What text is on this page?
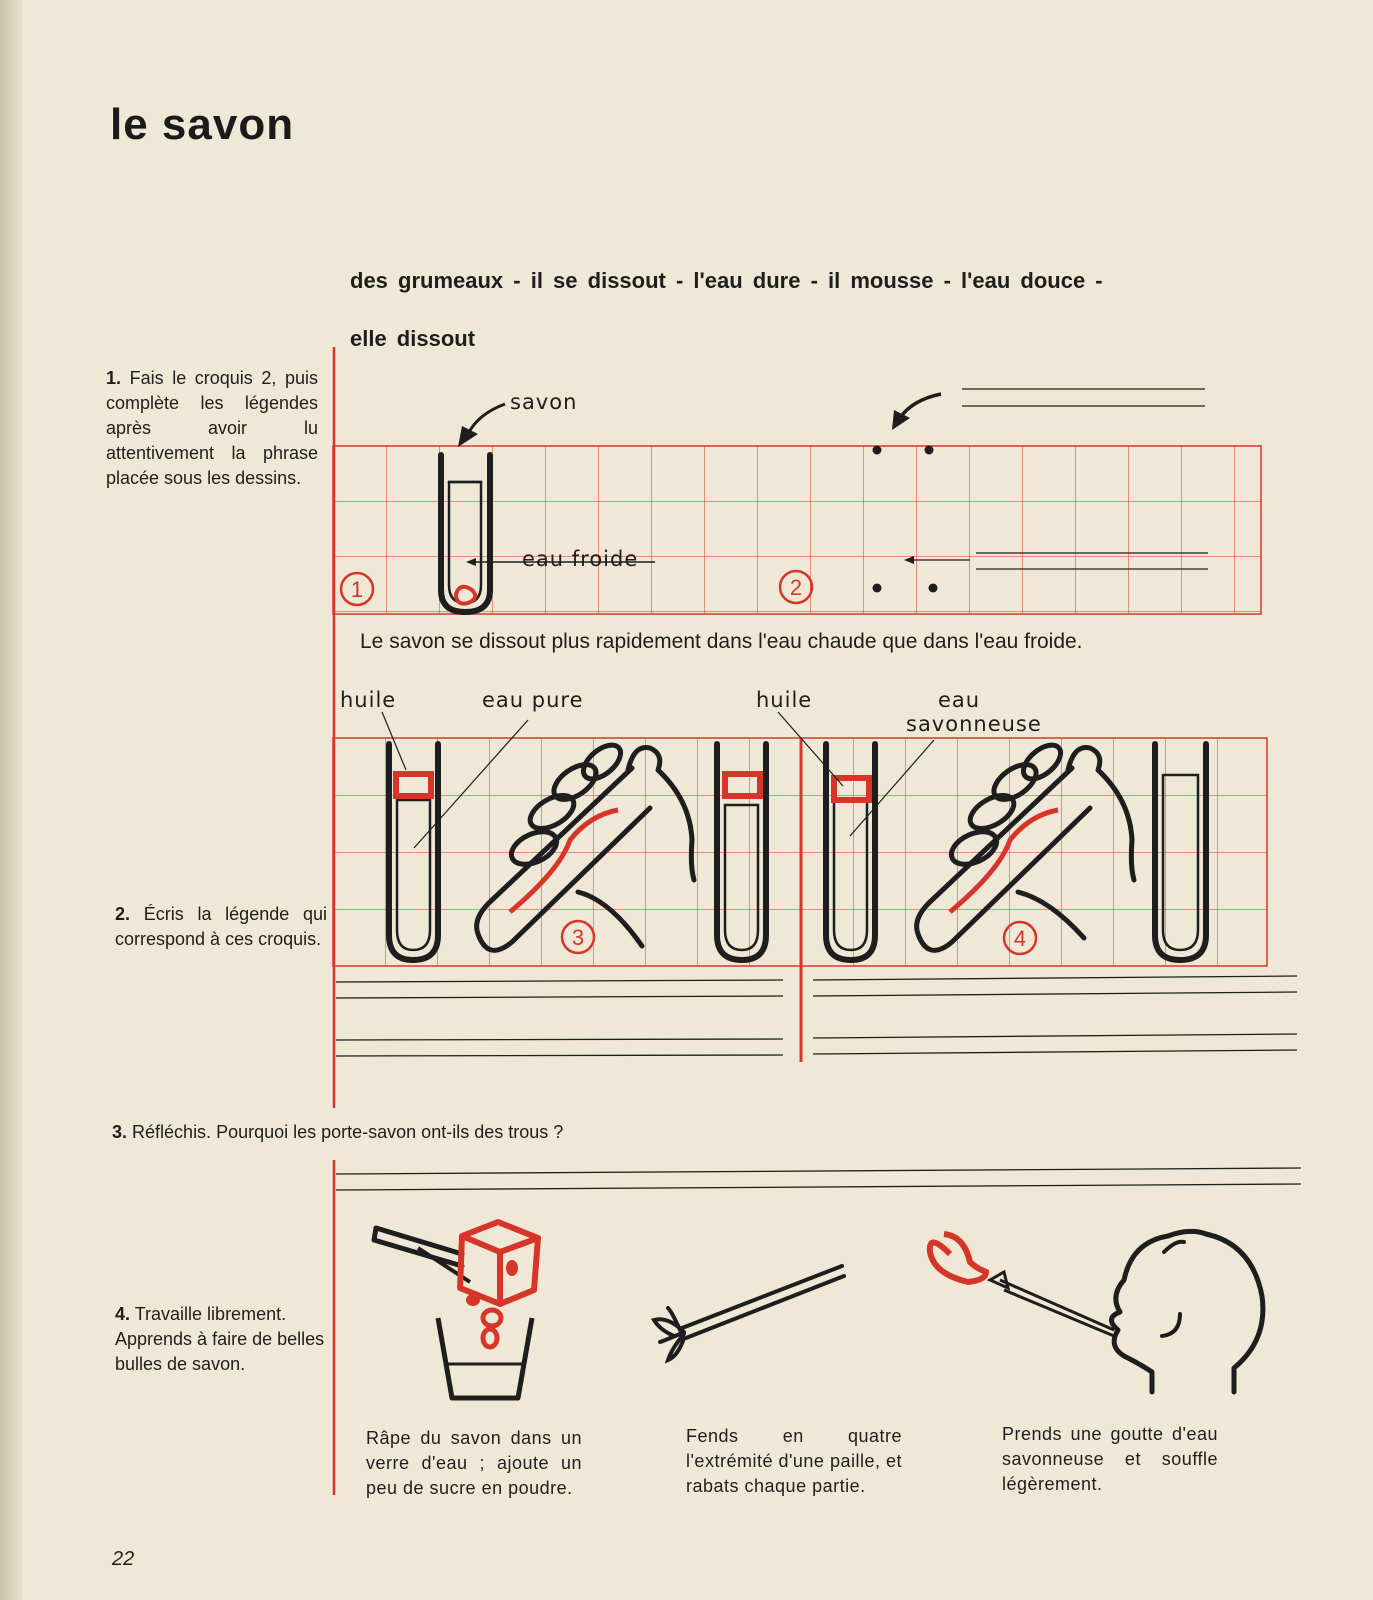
le savon
des grumeaux - il se dissout - l'eau dure - il mousse - l'eau douce -
elle dissout
1. Fais le croquis 2, puis complète les légendes après avoir lu attentivement la phrase placée sous les dessins.
2. Écris la légende qui correspond à ces croquis.
3. Réfléchis. Pourquoi les porte-savon ont-ils des trous ?
4. Travaille librement. Apprends à faire de belles bulles de savon.
1	2
3	4
savon
eau froide
Le savon se dissout plus rapidement dans l'eau chaude que dans l'eau froide.
huile	eau pure	huile	eau
savonneuse
Râpe du savon dans un verre d'eau ; ajoute un peu de sucre en poudre.
Fends en quatre l'extrémité d'une paille, et rabats chaque partie.
Prends une goutte d'eau savonneuse et souffle légèrement.
22
